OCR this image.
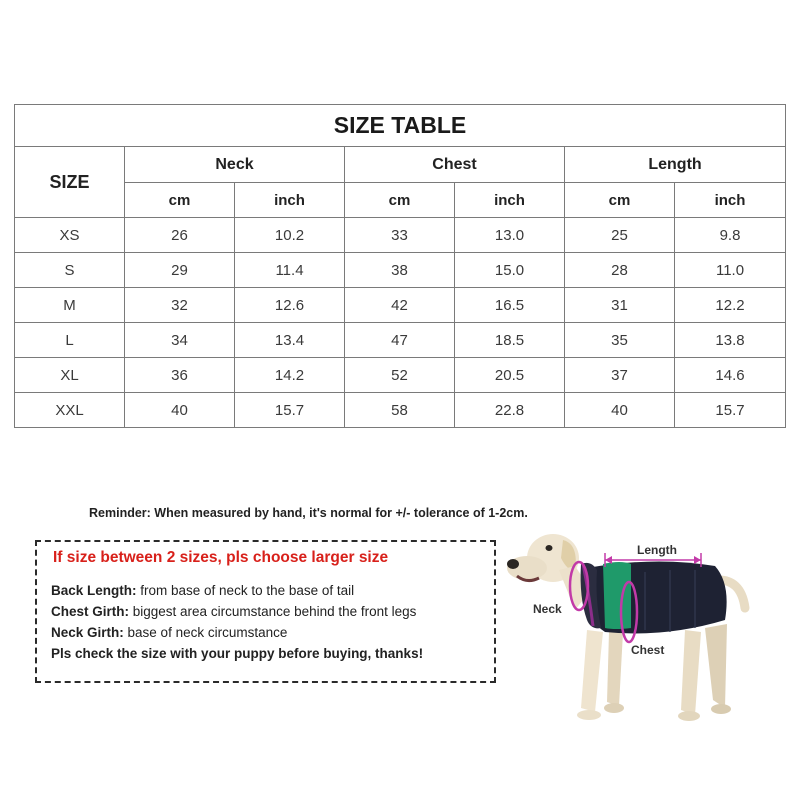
SIZE TABLE						
SIZE	Neck		Chest		Length	
	cm	inch	cm	inch	cm	inch
XS	26	10.2	33	13.0	25	9.8
S	29	11.4	38	15.0	28	11.0
M	32	12.6	42	16.5	31	12.2
L	34	13.4	47	18.5	35	13.8
XL	36	14.2	52	20.5	37	14.6
XXL	40	15.7	58	22.8	40	15.7
Reminder: When measured by hand, it's normal for +/- tolerance of 1-2cm.
If size between 2 sizes, pls choose larger size
Back Length: from base of neck to the base of tail
Chest Girth: biggest area circumstance behind the front legs
Neck Girth: base of neck circumstance
Pls check the size with your puppy before buying, thanks!
Length
Neck
Chest
